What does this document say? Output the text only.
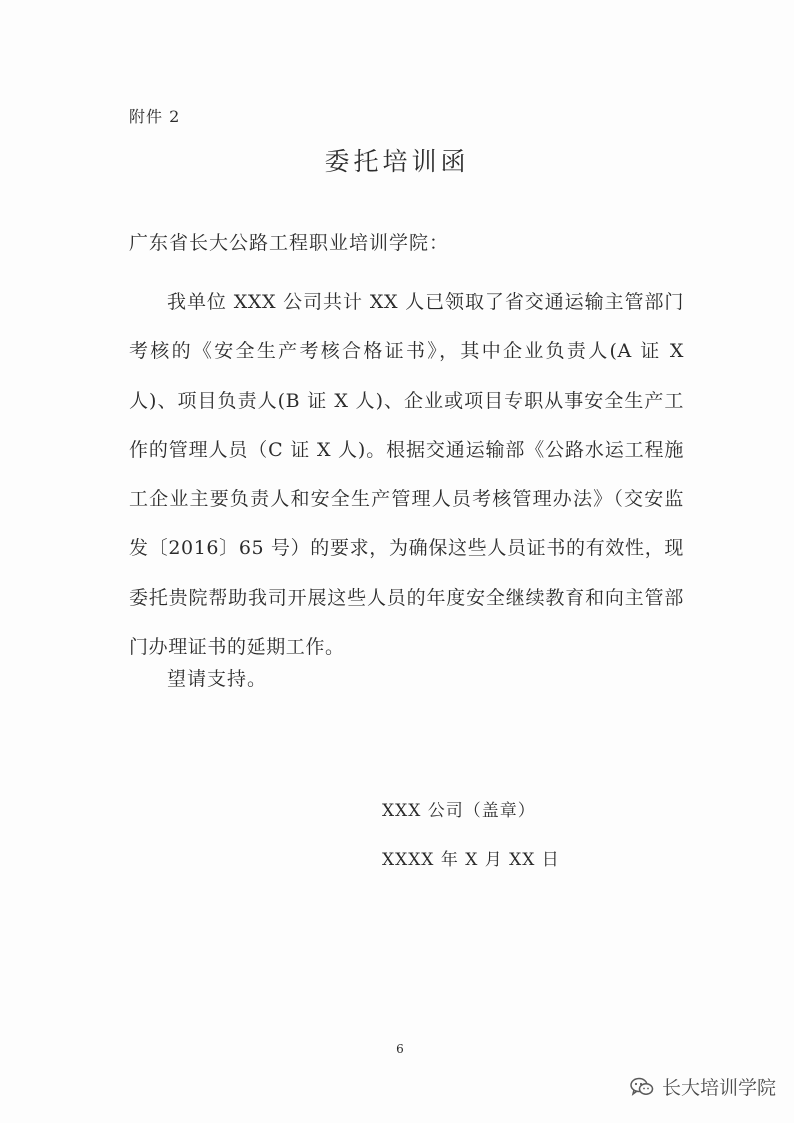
附件 2
委托培训函
广东省长大公路工程职业培训学院：

我单位 XXX 公司共计 XX 人已领取了省交通运输主管部门考核的《安全生产考核合格证书》，其中企业负责人(A 证 X 人)、项目负责人(B 证 X 人)、企业或项目专职从事安全生产工作的管理人员（C 证 X 人)。根据交通运输部《公路水运工程施工企业主要负责人和安全生产管理人员考核管理办法》（交安监发〔2016〕65 号）的要求，为确保这些人员证书的有效性，现委托贵院帮助我司开展这些人员的年度安全继续教育和向主管部门办理证书的延期工作。

望请支持。
XXX 公司（盖章）
XXXX 年 X 月 XX 日
6
长大培训学院
